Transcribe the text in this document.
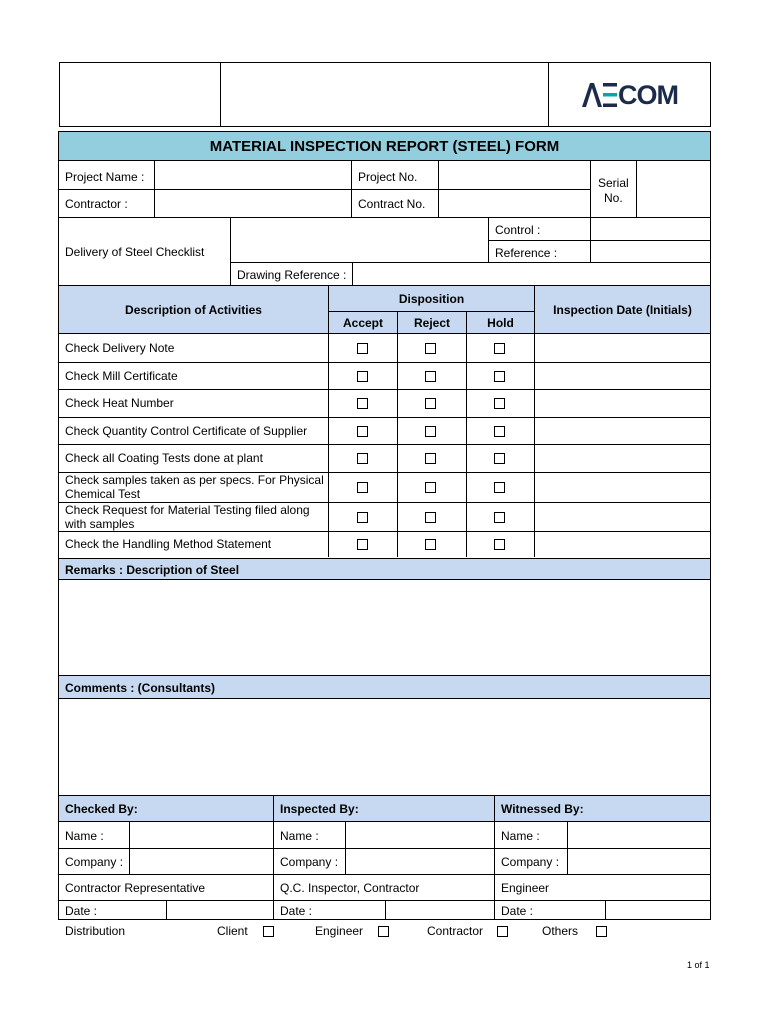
COM
MATERIAL INSPECTION REPORT (STEEL) FORM
Project Name :	Project No.
Contractor :	Contract No.
Serial
No.
Delivery of Steel Checklist
Control :
Reference :
Drawing Reference :
Description of Activities
Disposition
Accept	Reject	Hold
Inspection Date (Initials)
Check Delivery Note
Check Mill Certificate
Check Heat Number
Check Quantity Control Certificate of Supplier
Check all Coating Tests done at plant
Check samples taken as per specs. For Physical Chemical Test
Check Request for Material Testing filed along with samples
Check the Handling Method Statement
Remarks : Description of Steel
Comments : (Consultants)
Checked By:	Inspected By:	Witnessed By:
Name :	Name :	Name :
Company :	Company :	Company :
Contractor Representative	Q.C. Inspector, Contractor	Engineer
Date :	Date :	Date :
Distribution	Client	Engineer	Contractor	Others
1 of 1
